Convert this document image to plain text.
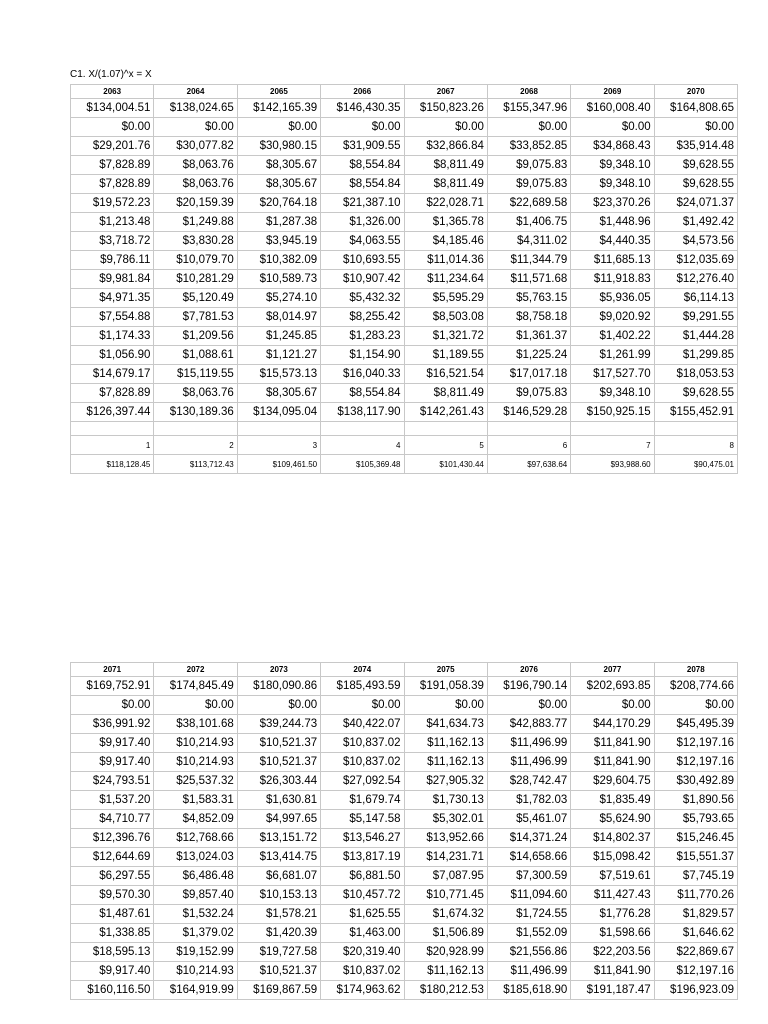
C1. X/(1.07)^x = X
2063	2064	2065	2066	2067	2068	2069	2070
$134,004.51	$138,024.65	$142,165.39	$146,430.35	$150,823.26	$155,347.96	$160,008.40	$164,808.65
$0.00	$0.00	$0.00	$0.00	$0.00	$0.00	$0.00	$0.00
$29,201.76	$30,077.82	$30,980.15	$31,909.55	$32,866.84	$33,852.85	$34,868.43	$35,914.48
$7,828.89	$8,063.76	$8,305.67	$8,554.84	$8,811.49	$9,075.83	$9,348.10	$9,628.55
$7,828.89	$8,063.76	$8,305.67	$8,554.84	$8,811.49	$9,075.83	$9,348.10	$9,628.55
$19,572.23	$20,159.39	$20,764.18	$21,387.10	$22,028.71	$22,689.58	$23,370.26	$24,071.37
$1,213.48	$1,249.88	$1,287.38	$1,326.00	$1,365.78	$1,406.75	$1,448.96	$1,492.42
$3,718.72	$3,830.28	$3,945.19	$4,063.55	$4,185.46	$4,311.02	$4,440.35	$4,573.56
$9,786.11	$10,079.70	$10,382.09	$10,693.55	$11,014.36	$11,344.79	$11,685.13	$12,035.69
$9,981.84	$10,281.29	$10,589.73	$10,907.42	$11,234.64	$11,571.68	$11,918.83	$12,276.40
$4,971.35	$5,120.49	$5,274.10	$5,432.32	$5,595.29	$5,763.15	$5,936.05	$6,114.13
$7,554.88	$7,781.53	$8,014.97	$8,255.42	$8,503.08	$8,758.18	$9,020.92	$9,291.55
$1,174.33	$1,209.56	$1,245.85	$1,283.23	$1,321.72	$1,361.37	$1,402.22	$1,444.28
$1,056.90	$1,088.61	$1,121.27	$1,154.90	$1,189.55	$1,225.24	$1,261.99	$1,299.85
$14,679.17	$15,119.55	$15,573.13	$16,040.33	$16,521.54	$17,017.18	$17,527.70	$18,053.53
$7,828.89	$8,063.76	$8,305.67	$8,554.84	$8,811.49	$9,075.83	$9,348.10	$9,628.55
$126,397.44	$130,189.36	$134,095.04	$138,117.90	$142,261.43	$146,529.28	$150,925.15	$155,452.91

1	2	3	4	5	6	7	8
$118,128.45	$113,712.43	$109,461.50	$105,369.48	$101,430.44	$97,638.64	$93,988.60	$90,475.01
2071	2072	2073	2074	2075	2076	2077	2078
$169,752.91	$174,845.49	$180,090.86	$185,493.59	$191,058.39	$196,790.14	$202,693.85	$208,774.66
$0.00	$0.00	$0.00	$0.00	$0.00	$0.00	$0.00	$0.00
$36,991.92	$38,101.68	$39,244.73	$40,422.07	$41,634.73	$42,883.77	$44,170.29	$45,495.39
$9,917.40	$10,214.93	$10,521.37	$10,837.02	$11,162.13	$11,496.99	$11,841.90	$12,197.16
$9,917.40	$10,214.93	$10,521.37	$10,837.02	$11,162.13	$11,496.99	$11,841.90	$12,197.16
$24,793.51	$25,537.32	$26,303.44	$27,092.54	$27,905.32	$28,742.47	$29,604.75	$30,492.89
$1,537.20	$1,583.31	$1,630.81	$1,679.74	$1,730.13	$1,782.03	$1,835.49	$1,890.56
$4,710.77	$4,852.09	$4,997.65	$5,147.58	$5,302.01	$5,461.07	$5,624.90	$5,793.65
$12,396.76	$12,768.66	$13,151.72	$13,546.27	$13,952.66	$14,371.24	$14,802.37	$15,246.45
$12,644.69	$13,024.03	$13,414.75	$13,817.19	$14,231.71	$14,658.66	$15,098.42	$15,551.37
$6,297.55	$6,486.48	$6,681.07	$6,881.50	$7,087.95	$7,300.59	$7,519.61	$7,745.19
$9,570.30	$9,857.40	$10,153.13	$10,457.72	$10,771.45	$11,094.60	$11,427.43	$11,770.26
$1,487.61	$1,532.24	$1,578.21	$1,625.55	$1,674.32	$1,724.55	$1,776.28	$1,829.57
$1,338.85	$1,379.02	$1,420.39	$1,463.00	$1,506.89	$1,552.09	$1,598.66	$1,646.62
$18,595.13	$19,152.99	$19,727.58	$20,319.40	$20,928.99	$21,556.86	$22,203.56	$22,869.67
$9,917.40	$10,214.93	$10,521.37	$10,837.02	$11,162.13	$11,496.99	$11,841.90	$12,197.16
$160,116.50	$164,919.99	$169,867.59	$174,963.62	$180,212.53	$185,618.90	$191,187.47	$196,923.09
